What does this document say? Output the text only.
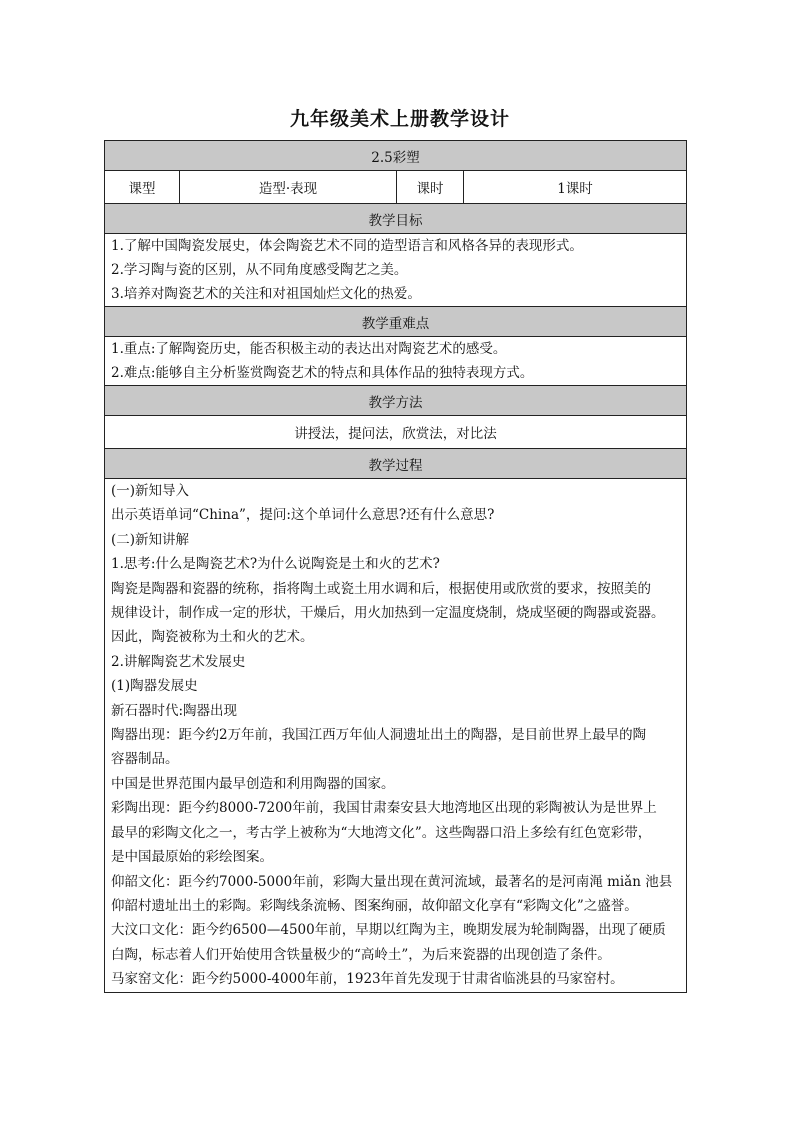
九年级美术上册教学设计
2.5彩塑
课型	造型·表现	课时	1课时
教学目标

1.了解中国陶瓷发展史，体会陶瓷艺术不同的造型语言和风格各异的表现形式。
2.学习陶与瓷的区别，从不同角度感受陶艺之美。
3.培养对陶瓷艺术的关注和对祖国灿烂文化的热爱。

教学重难点

1.重点:了解陶瓷历史，能否积极主动的表达出对陶瓷艺术的感受。
2.难点:能够自主分析鉴赏陶瓷艺术的特点和具体作品的独特表现方式。

教学方法
讲授法，提问法，欣赏法，对比法
教学过程

(一)新知导入
出示英语单词“China”，提问:这个单词什么意思?还有什么意思?
(二)新知讲解
1.思考:什么是陶瓷艺术?为什么说陶瓷是土和火的艺术?
陶瓷是陶器和瓷器的统称，指将陶土或瓷土用水调和后，根据使用或欣赏的要求，按照美的
规律设计，制作成一定的形状，干燥后，用火加热到一定温度烧制，烧成坚硬的陶器或瓷器。
因此，陶瓷被称为土和火的艺术。
2.讲解陶瓷艺术发展史
(1)陶器发展史
新石器时代:陶器出现
陶器出现：距今约2万年前，我国江西万年仙人洞遗址出土的陶器，是目前世界上最早的陶
容器制品。
中国是世界范围内最早创造和利用陶器的国家。
彩陶出现：距今约8000-7200年前，我国甘肃秦安县大地湾地区出现的彩陶被认为是世界上
最早的彩陶文化之一，考古学上被称为“大地湾文化”。这些陶器口沿上多绘有红色宽彩带，
是中国最原始的彩绘图案。
仰韶文化：距今约7000-5000年前，彩陶大量出现在黄河流域，最著名的是河南渑 miǎn 池县
仰韶村遗址出土的彩陶。彩陶线条流畅、图案绚丽，故仰韶文化享有“彩陶文化”之盛誉。
大汶口文化：距今约6500—4500年前，早期以红陶为主，晚期发展为轮制陶器，出现了硬质
白陶，标志着人们开始使用含铁量极少的“高岭土”，为后来瓷器的出现创造了条件。
马家窑文化：距今约5000-4000年前，1923年首先发现于甘肃省临洮县的马家窑村。
